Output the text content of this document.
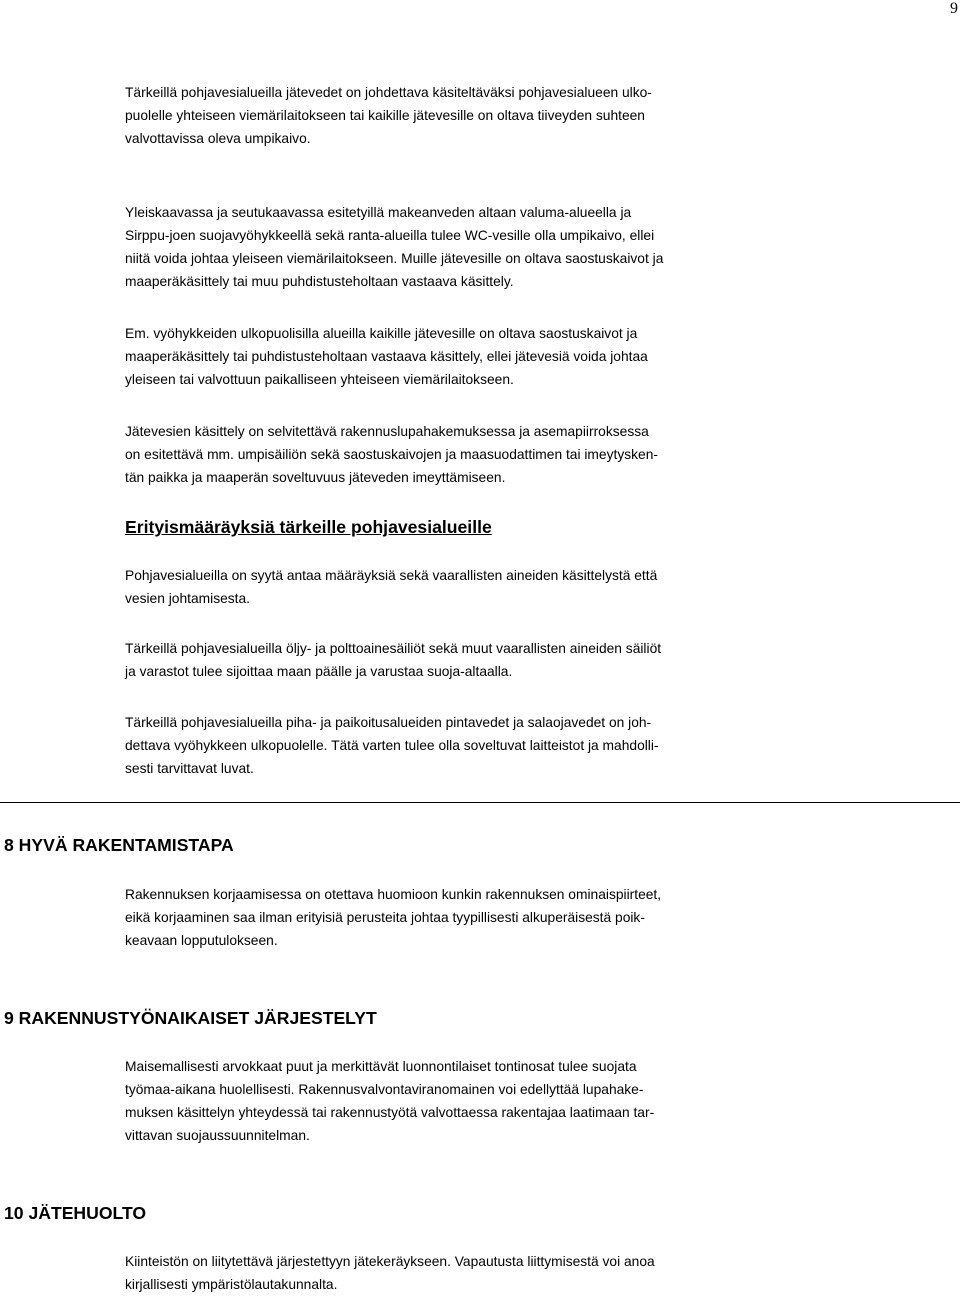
9
Tärkeillä pohjavesialueilla jätevedet on johdettava käsiteltäväksi pohjavesialueen ulko-
puolelle yhteiseen viemärilaitokseen tai kaikille jätevesille on oltava tiiveyden suhteen
valvottavissa oleva umpikaivo.
Yleiskaavassa ja seutukaavassa esitetyillä makeanveden altaan valuma-alueella ja
Sirppu-joen suojavyöhykkeellä sekä ranta-alueilla tulee WC-vesille olla umpikaivo, ellei
niitä voida johtaa yleiseen viemärilaitokseen. Muille jätevesille on oltava saostuskaivot ja
maaperäkäsittely tai muu puhdistusteholtaan vastaava käsittely.
Em. vyöhykkeiden ulkopuolisilla alueilla kaikille jätevesille on oltava saostuskaivot ja
maaperäkäsittely tai puhdistusteholtaan vastaava käsittely, ellei jätevesiä voida johtaa
yleiseen tai valvottuun paikalliseen yhteiseen viemärilaitokseen.
Jätevesien käsittely on selvitettävä rakennuslupahakemuksessa ja asemapiirroksessa
on esitettävä mm. umpisäiliön sekä saostuskaivojen ja maasuodattimen tai imeytysken-
tän paikka ja maaperän soveltuvuus jäteveden imeyttämiseen.
Erityismääräyksiä tärkeille pohjavesialueille
Pohjavesialueilla on syytä antaa määräyksiä sekä vaarallisten aineiden käsittelystä että
vesien johtamisesta.
Tärkeillä pohjavesialueilla öljy- ja polttoainesäiliöt sekä muut vaarallisten aineiden säiliöt
ja varastot tulee sijoittaa maan päälle ja varustaa suoja-altaalla.
Tärkeillä pohjavesialueilla piha- ja paikoitusalueiden pintavedet ja salaojavedet on joh-
dettava vyöhykkeen ulkopuolelle. Tätä varten tulee olla soveltuvat laitteistot ja mahdolli-
sesti tarvittavat luvat.
8 HYVÄ RAKENTAMISTAPA
Rakennuksen korjaamisessa on otettava huomioon kunkin rakennuksen ominaispiirteet,
eikä korjaaminen saa ilman erityisiä perusteita johtaa tyypillisesti alkuperäisestä poik-
keavaan lopputulokseen.
9 RAKENNUSTYÖNAIKAISET JÄRJESTELYT
Maisemallisesti arvokkaat puut ja merkittävät luonnontilaiset tontinosat tulee suojata
työmaa-aikana huolellisesti. Rakennusvalvontaviranomainen voi edellyttää lupahake-
muksen käsittelyn yhteydessä tai rakennustyötä valvottaessa rakentajaa laatimaan tar-
vittavan suojaussuunnitelman.
10 JÄTEHUOLTO
Kiinteistön on liitytettävä järjestettyyn jätekeräykseen. Vapautusta liittymisestä voi anoa
kirjallisesti ympäristölautakunnalta.
